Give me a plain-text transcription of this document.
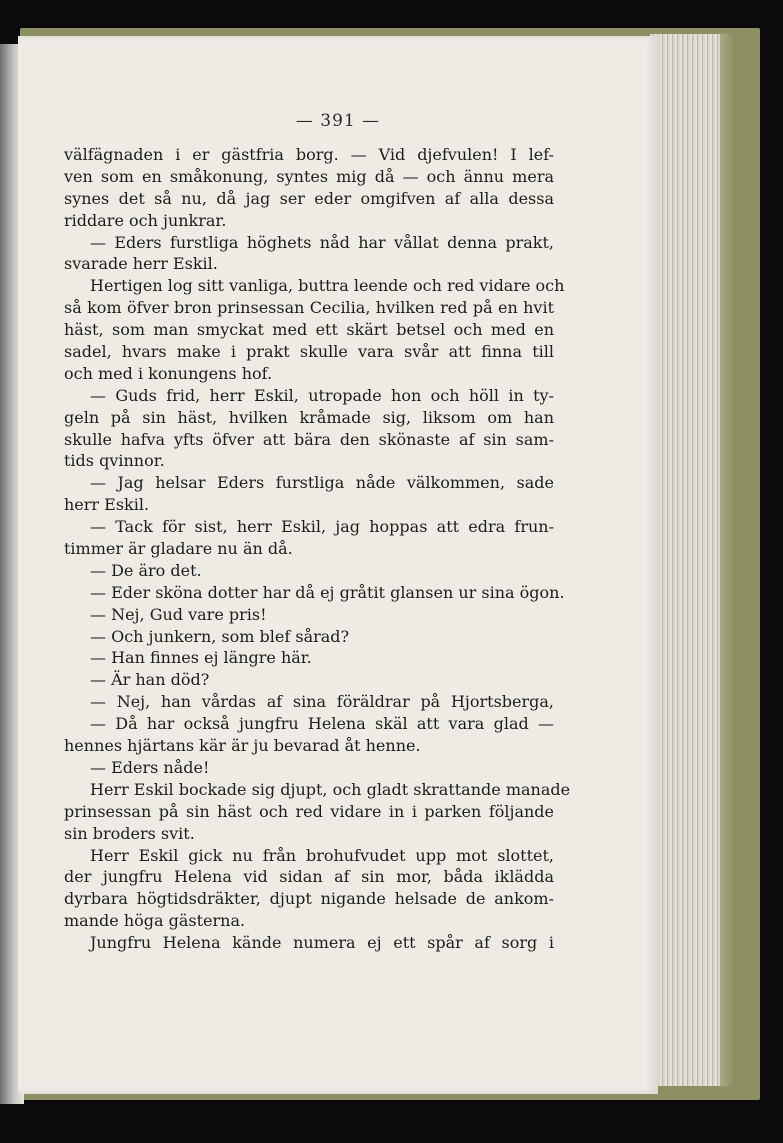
— 391 —
välfägnaden i er gästfria borg. — Vid djefvulen! I lef-
ven som en småkonung, syntes mig då — och ännu mera
synes det så nu, då jag ser eder omgifven af alla dessa
riddare och junkrar.
— Eders furstliga höghets nåd har vållat denna prakt,
svarade herr Eskil.
Hertigen log sitt vanliga, buttra leende och red vidare och
så kom öfver bron prinsessan Cecilia, hvilken red på en hvit
häst, som man smyckat med ett skärt betsel och med en
sadel, hvars make i prakt skulle vara svår att finna till
och med i konungens hof.
— Guds frid, herr Eskil, utropade hon och höll in ty-
geln på sin häst, hvilken kråmade sig, liksom om han
skulle hafva yfts öfver att bära den skönaste af sin sam-
tids qvinnor.
— Jag helsar Eders furstliga nåde välkommen, sade
herr Eskil.
— Tack för sist, herr Eskil, jag hoppas att edra frun-
timmer är gladare nu än då.
— De äro det.
— Eder sköna dotter har då ej gråtit glansen ur sina ögon.
— Nej, Gud vare pris!
— Och junkern, som blef sårad?
— Han finnes ej längre här.
— Är han död?
— Nej, han vårdas af sina föräldrar på Hjortsberga,
— Då har också jungfru Helena skäl att vara glad —
hennes hjärtans kär är ju bevarad åt henne.
— Eders nåde!
Herr Eskil bockade sig djupt, och gladt skrattande manade
prinsessan på sin häst och red vidare in i parken följande
sin broders svit.
Herr Eskil gick nu från brohufvudet upp mot slottet,
der jungfru Helena vid sidan af sin mor, båda iklädda
dyrbara högtidsdräkter, djupt nigande helsade de ankom-
mande höga gästerna.
Jungfru Helena kände numera ej ett spår af sorg i
